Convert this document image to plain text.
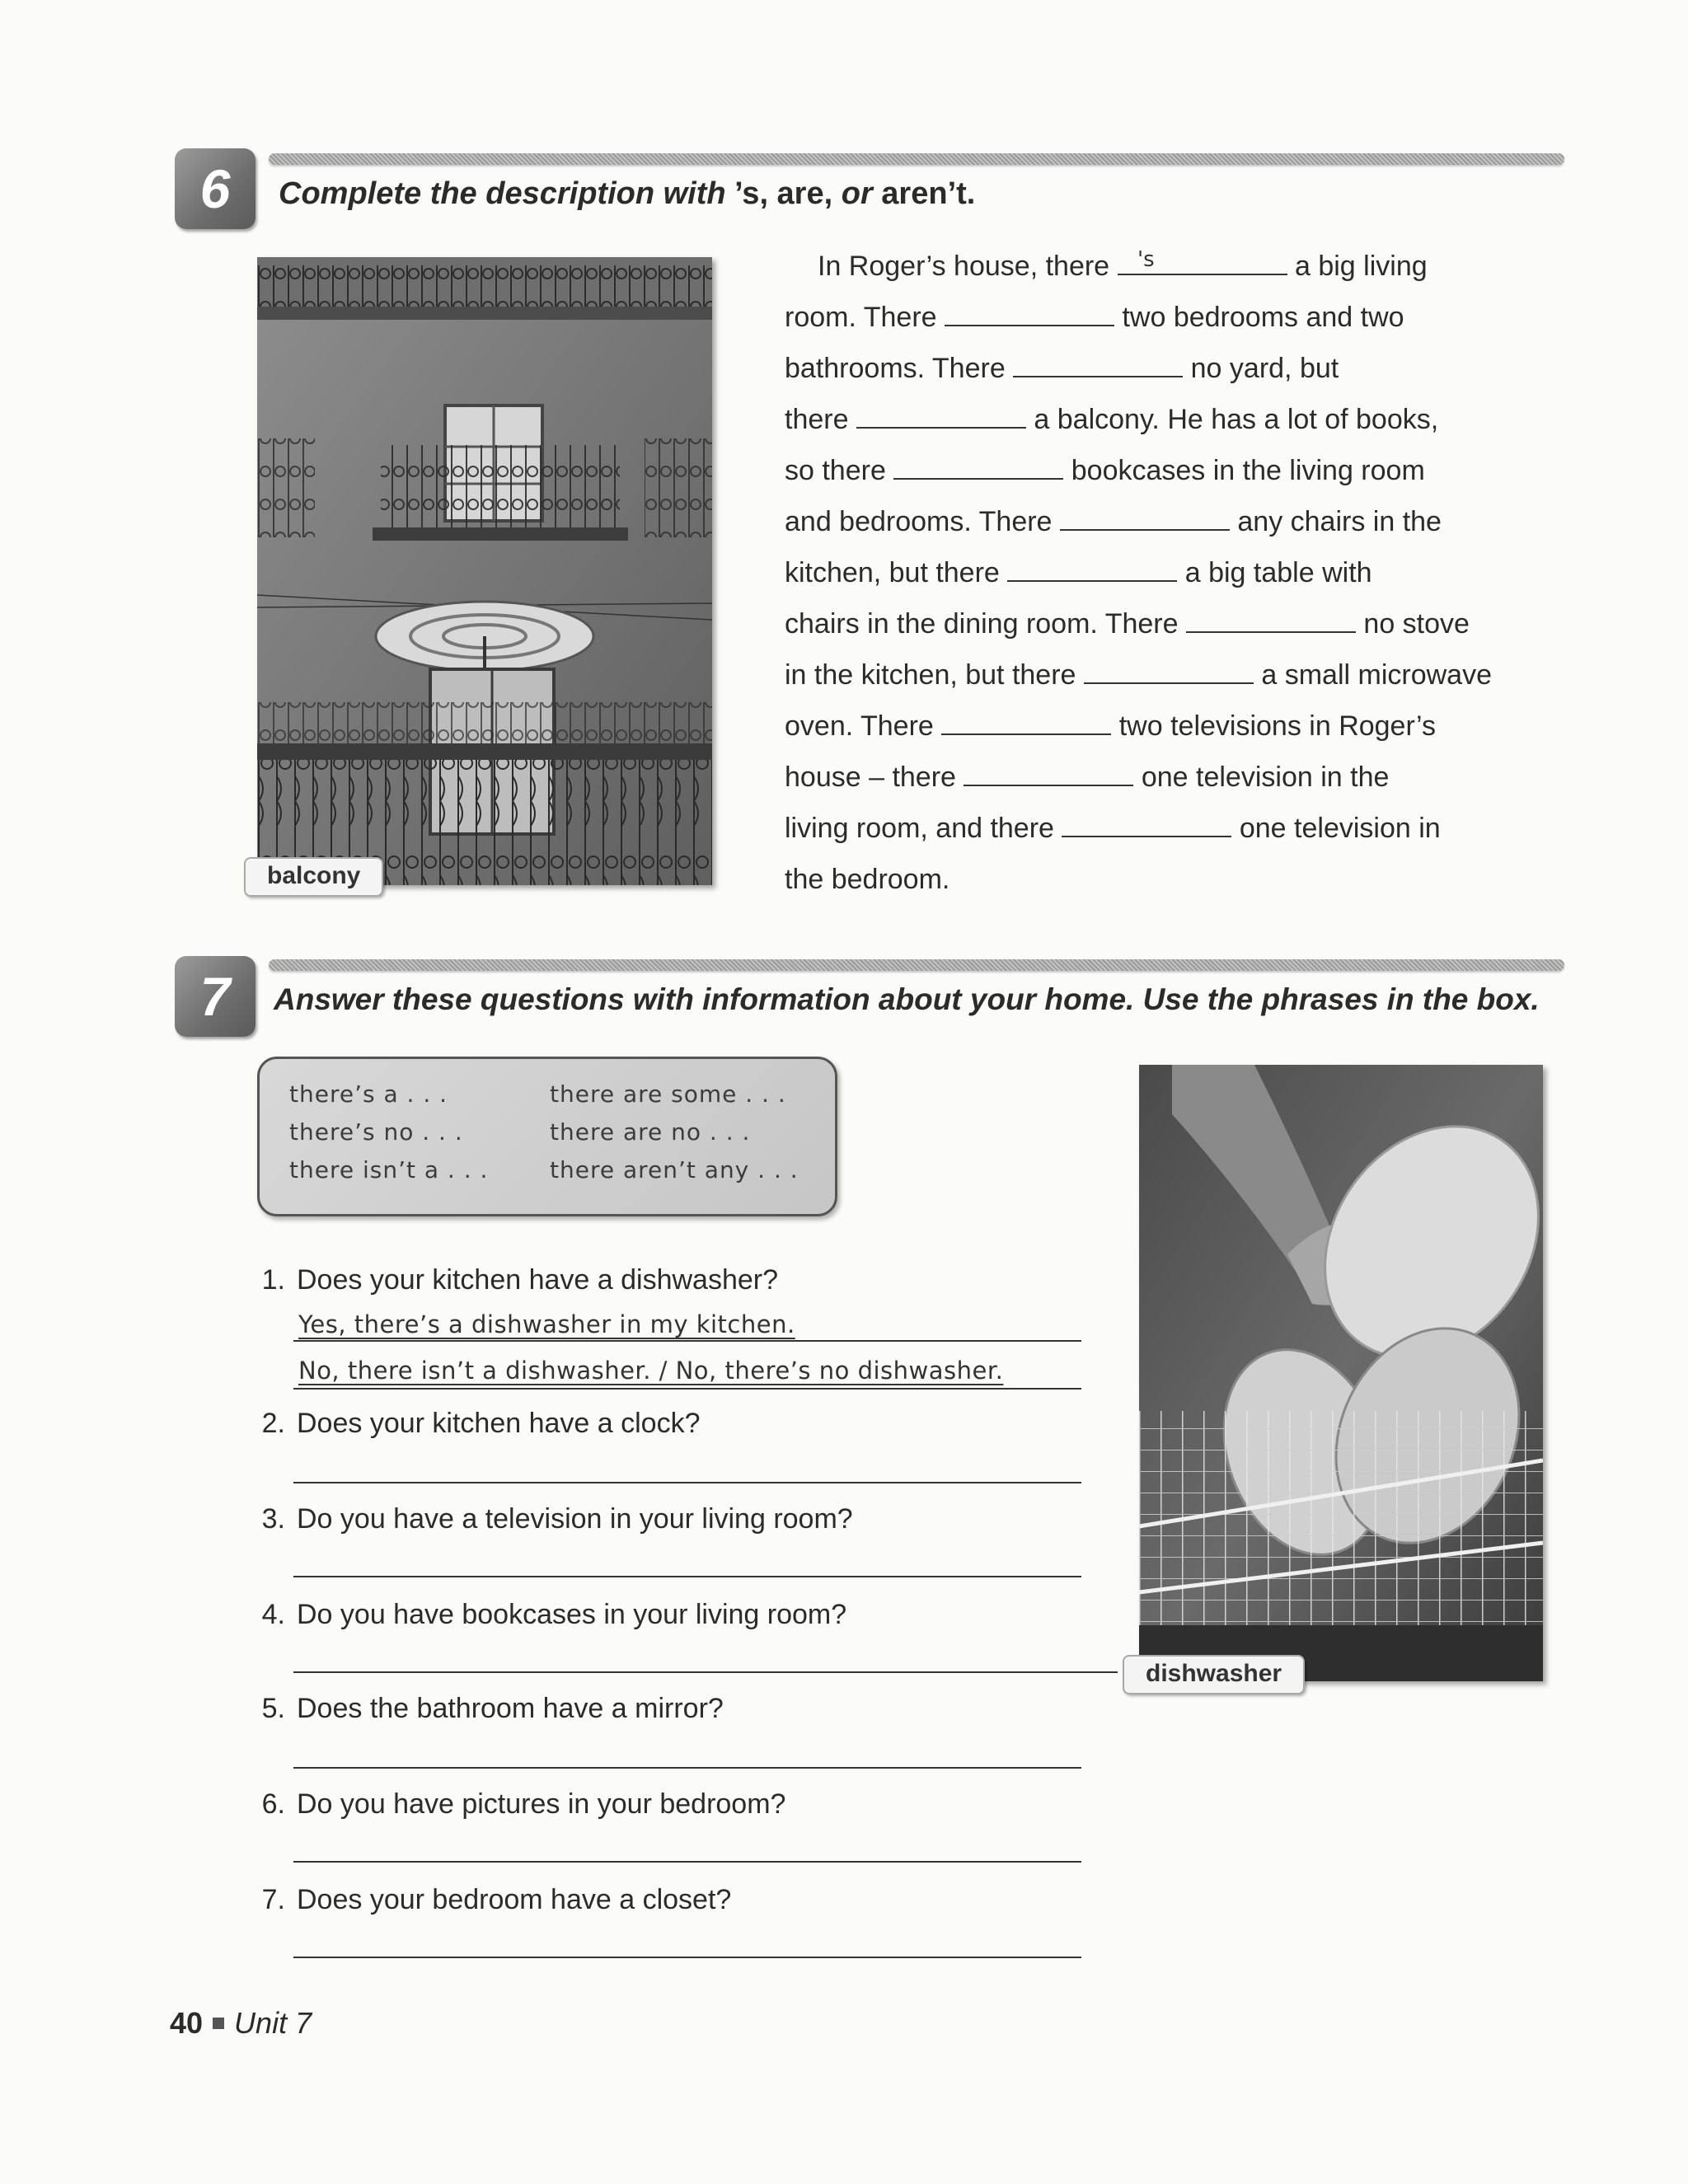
6 Complete the description with ’s, are, or aren’t.
balcony
In Roger’s house, there	a big living
's
room. There	two bedrooms and two
bathrooms. There	no yard, but
there	a balcony. He has a lot of books,
so there	bookcases in the living room
and bedrooms. There	any chairs in the
kitchen, but there	a big table with
chairs in the dining room. There	no stove
in the kitchen, but there	a small microwave
oven. There	two televisions in Roger’s
house – there	one television in the
living room, and there	one television in
the bedroom.
7 Answer these questions with information about your home. Use the phrases in the box.
there’s a . . .
there’s no . . .
there isn’t a . . .
there are some . . .
there are no . . .
there aren’t any . . .
dishwasher
1. Does your kitchen have a dishwasher?
Yes, there’s a dishwasher in my kitchen.
No, there isn’t a dishwasher. / No, there’s no dishwasher.
2. Does your kitchen have a clock?
3. Do you have a television in your living room?
4. Do you have bookcases in your living room?
5. Does the bathroom have a mirror?
6. Do you have pictures in your bedroom?
7. Does your bedroom have a closet?
40 Unit 7
